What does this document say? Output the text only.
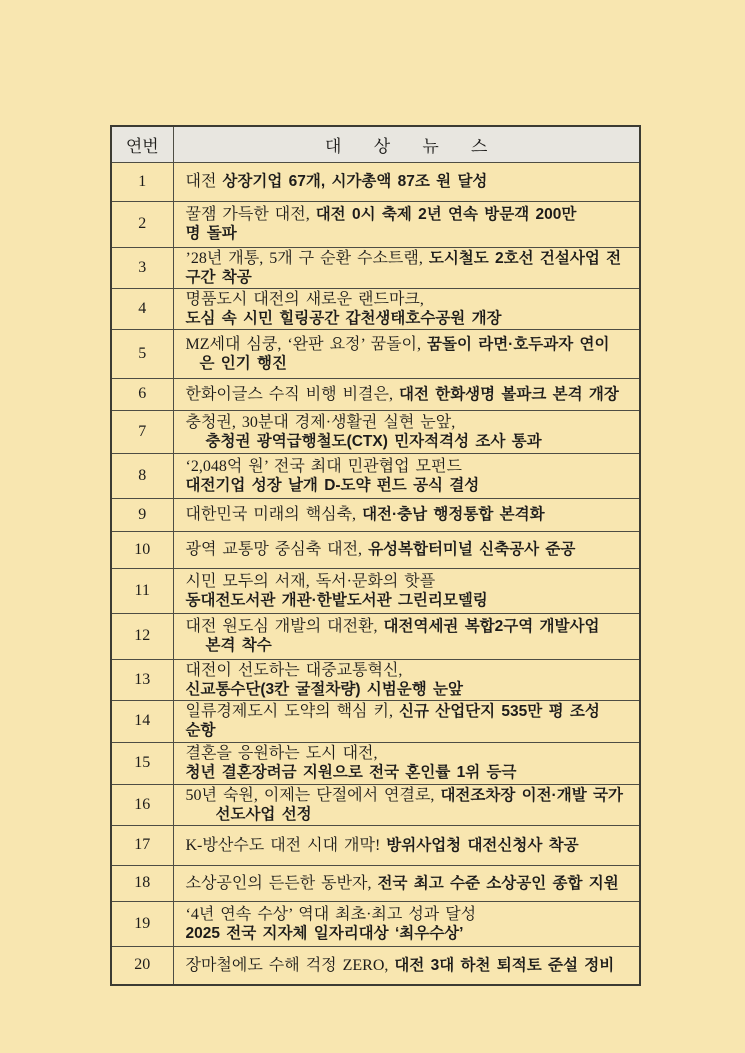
연번	대 상 뉴 스
1	대전 상장기업 67개, 시가총액 87조 원 달성

2	꿀잼 가득한 대전, 대전 0시 축제 2년 연속 방문객 200만
명 돌파

3	’28년 개통, 5개 구 순환 수소트램, 도시철도 2호선 건설사업 전
구간 착공

4	명품도시 대전의 새로운 랜드마크,
도심 속 시민 힐링공간 갑천생태호수공원 개장

5	MZ세대 심쿵, ‘완판 요정’ 꿈돌이, 꿈돌이 라면·호두과자 연이
은 인기 행진

6	한화이글스 수직 비행 비결은, 대전 한화생명 볼파크 본격 개장

7	충청권, 30분대 경제·생활권 실현 눈앞,
충청권 광역급행철도(CTX) 민자적격성 조사 통과

8	‘2,048억 원’ 전국 최대 민관협업 모펀드
대전기업 성장 날개 D-도약 펀드 공식 결성

9	대한민국 미래의 핵심축, 대전·충남 행정통합 본격화

10	광역 교통망 중심축 대전, 유성복합터미널 신축공사 준공

11	시민 모두의 서재, 독서·문화의 핫플
동대전도서관 개관·한밭도서관 그린리모델링

12	대전 원도심 개발의 대전환, 대전역세권 복합2구역 개발사업
본격 착수

13	대전이 선도하는 대중교통혁신,
신교통수단(3칸 굴절차량) 시범운행 눈앞

14	일류경제도시 도약의 핵심 키, 신규 산업단지 535만 평 조성
순항

15	결혼을 응원하는 도시 대전,
청년 결혼장려금 지원으로 전국 혼인률 1위 등극

16	50년 숙원, 이제는 단절에서 연결로, 대전조차장 이전·개발 국가
선도사업 선정

17	K-방산수도 대전 시대 개막! 방위사업청 대전신청사 착공

18	소상공인의 든든한 동반자, 전국 최고 수준 소상공인 종합 지원

19	‘4년 연속 수상’ 역대 최초·최고 성과 달성
2025 전국 지자체 일자리대상 ‘최우수상’

20	장마철에도 수해 걱정 ZERO, 대전 3대 하천 퇴적토 준설 정비
